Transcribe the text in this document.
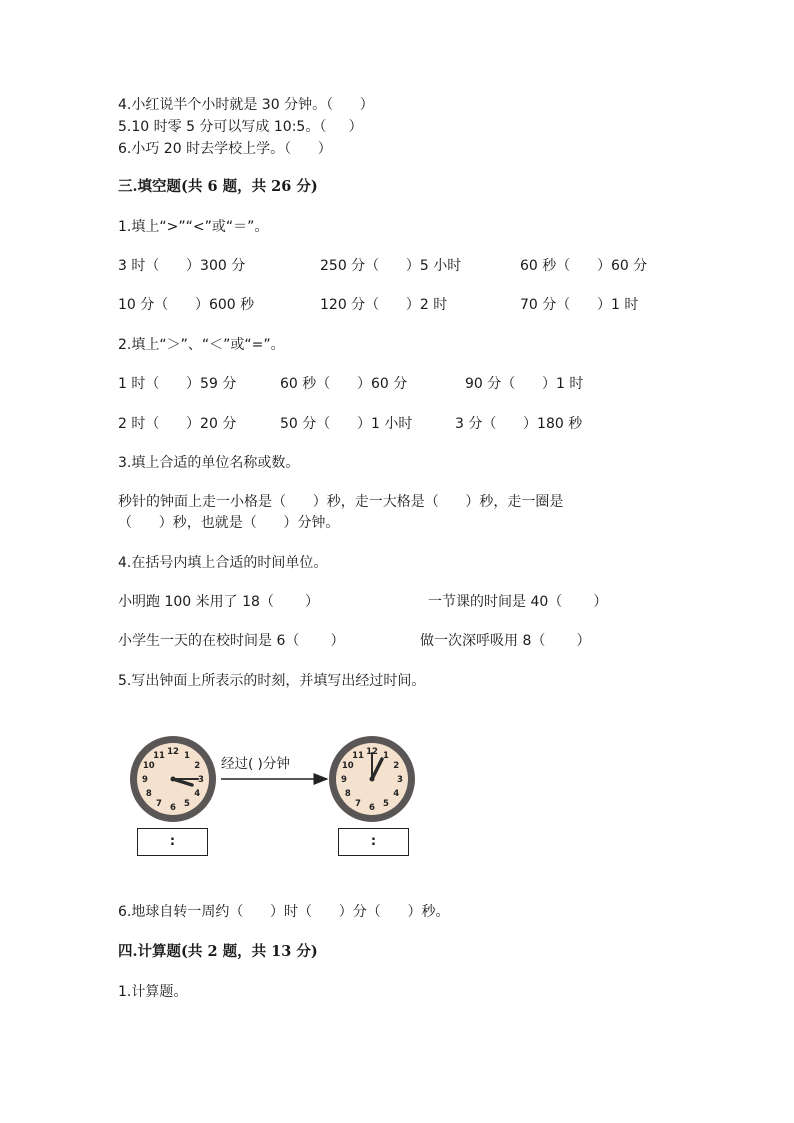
4.小红说半个小时就是 30 分钟。（      ）
5.10 时零 5 分可以写成 10:5。（     ）
6.小巧 20 时去学校上学。（      ）
三.填空题(共 6 题，共 26 分)
1.填上“>”“<”或“＝”。
3 时（      ）300 分	250 分（      ）5 小时	60 秒（      ）60 分
10 分（      ）600 秒	120 分（      ）2 时	70 分（      ）1 时
2.填上“＞”、“＜”或“=”。
1 时（      ）59 分	60 秒（      ）60 分	90 分（      ）1 时
2 时（      ）20 分	50 分（      ）1 小时	3 分（      ）180 秒
3.填上合适的单位名称或数。
秒针的钟面上走一小格是（      ）秒，走一大格是（      ）秒，走一圈是
（      ）秒，也就是（      ）分钟。
4.在括号内填上合适的时间单位。
小明跑 100 米用了 18（       ）	一节课的时间是 40（       ）
小学生一天的在校时间是 6（       ）	做一次深呼吸用 8（       ）
5.写出钟面上所表示的时刻，并填写出经过时间。
12 1
2
3
4
5
6
7
8
9
10
11
经过( )分钟
12 1
2
3
4
5
6
7
8
9
10
11
:	:
6.地球自转一周约（      ）时（      ）分（      ）秒。
四.计算题(共 2 题，共 13 分)
1.计算题。
